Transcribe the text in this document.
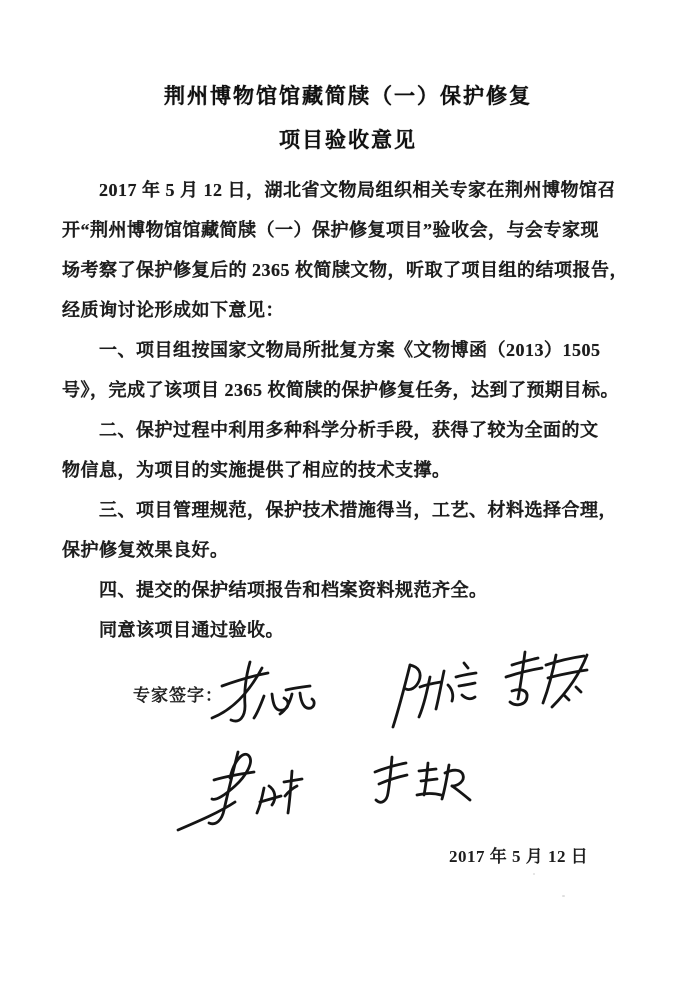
荆州博物馆馆藏简牍（一）保护修复
项目验收意见
2017 年 5 月 12 日，湖北省文物局组织相关专家在荆州博物馆召
开“荆州博物馆馆藏简牍（一）保护修复项目”验收会，与会专家现
场考察了保护修复后的 2365 枚简牍文物，听取了项目组的结项报告，
经质询讨论形成如下意见：
一、项目组按国家文物局所批复方案《文物博函（2013）1505
号》，完成了该项目 2365 枚简牍的保护修复任务，达到了预期目标。
二、保护过程中利用多种科学分析手段，获得了较为全面的文
物信息，为项目的实施提供了相应的技术支撑。
三、项目管理规范，保护技术措施得当，工艺、材料选择合理，
保护修复效果良好。
四、提交的保护结项报告和档案资料规范齐全。
同意该项目通过验收。
专家签字：
2017 年 5 月 12 日
